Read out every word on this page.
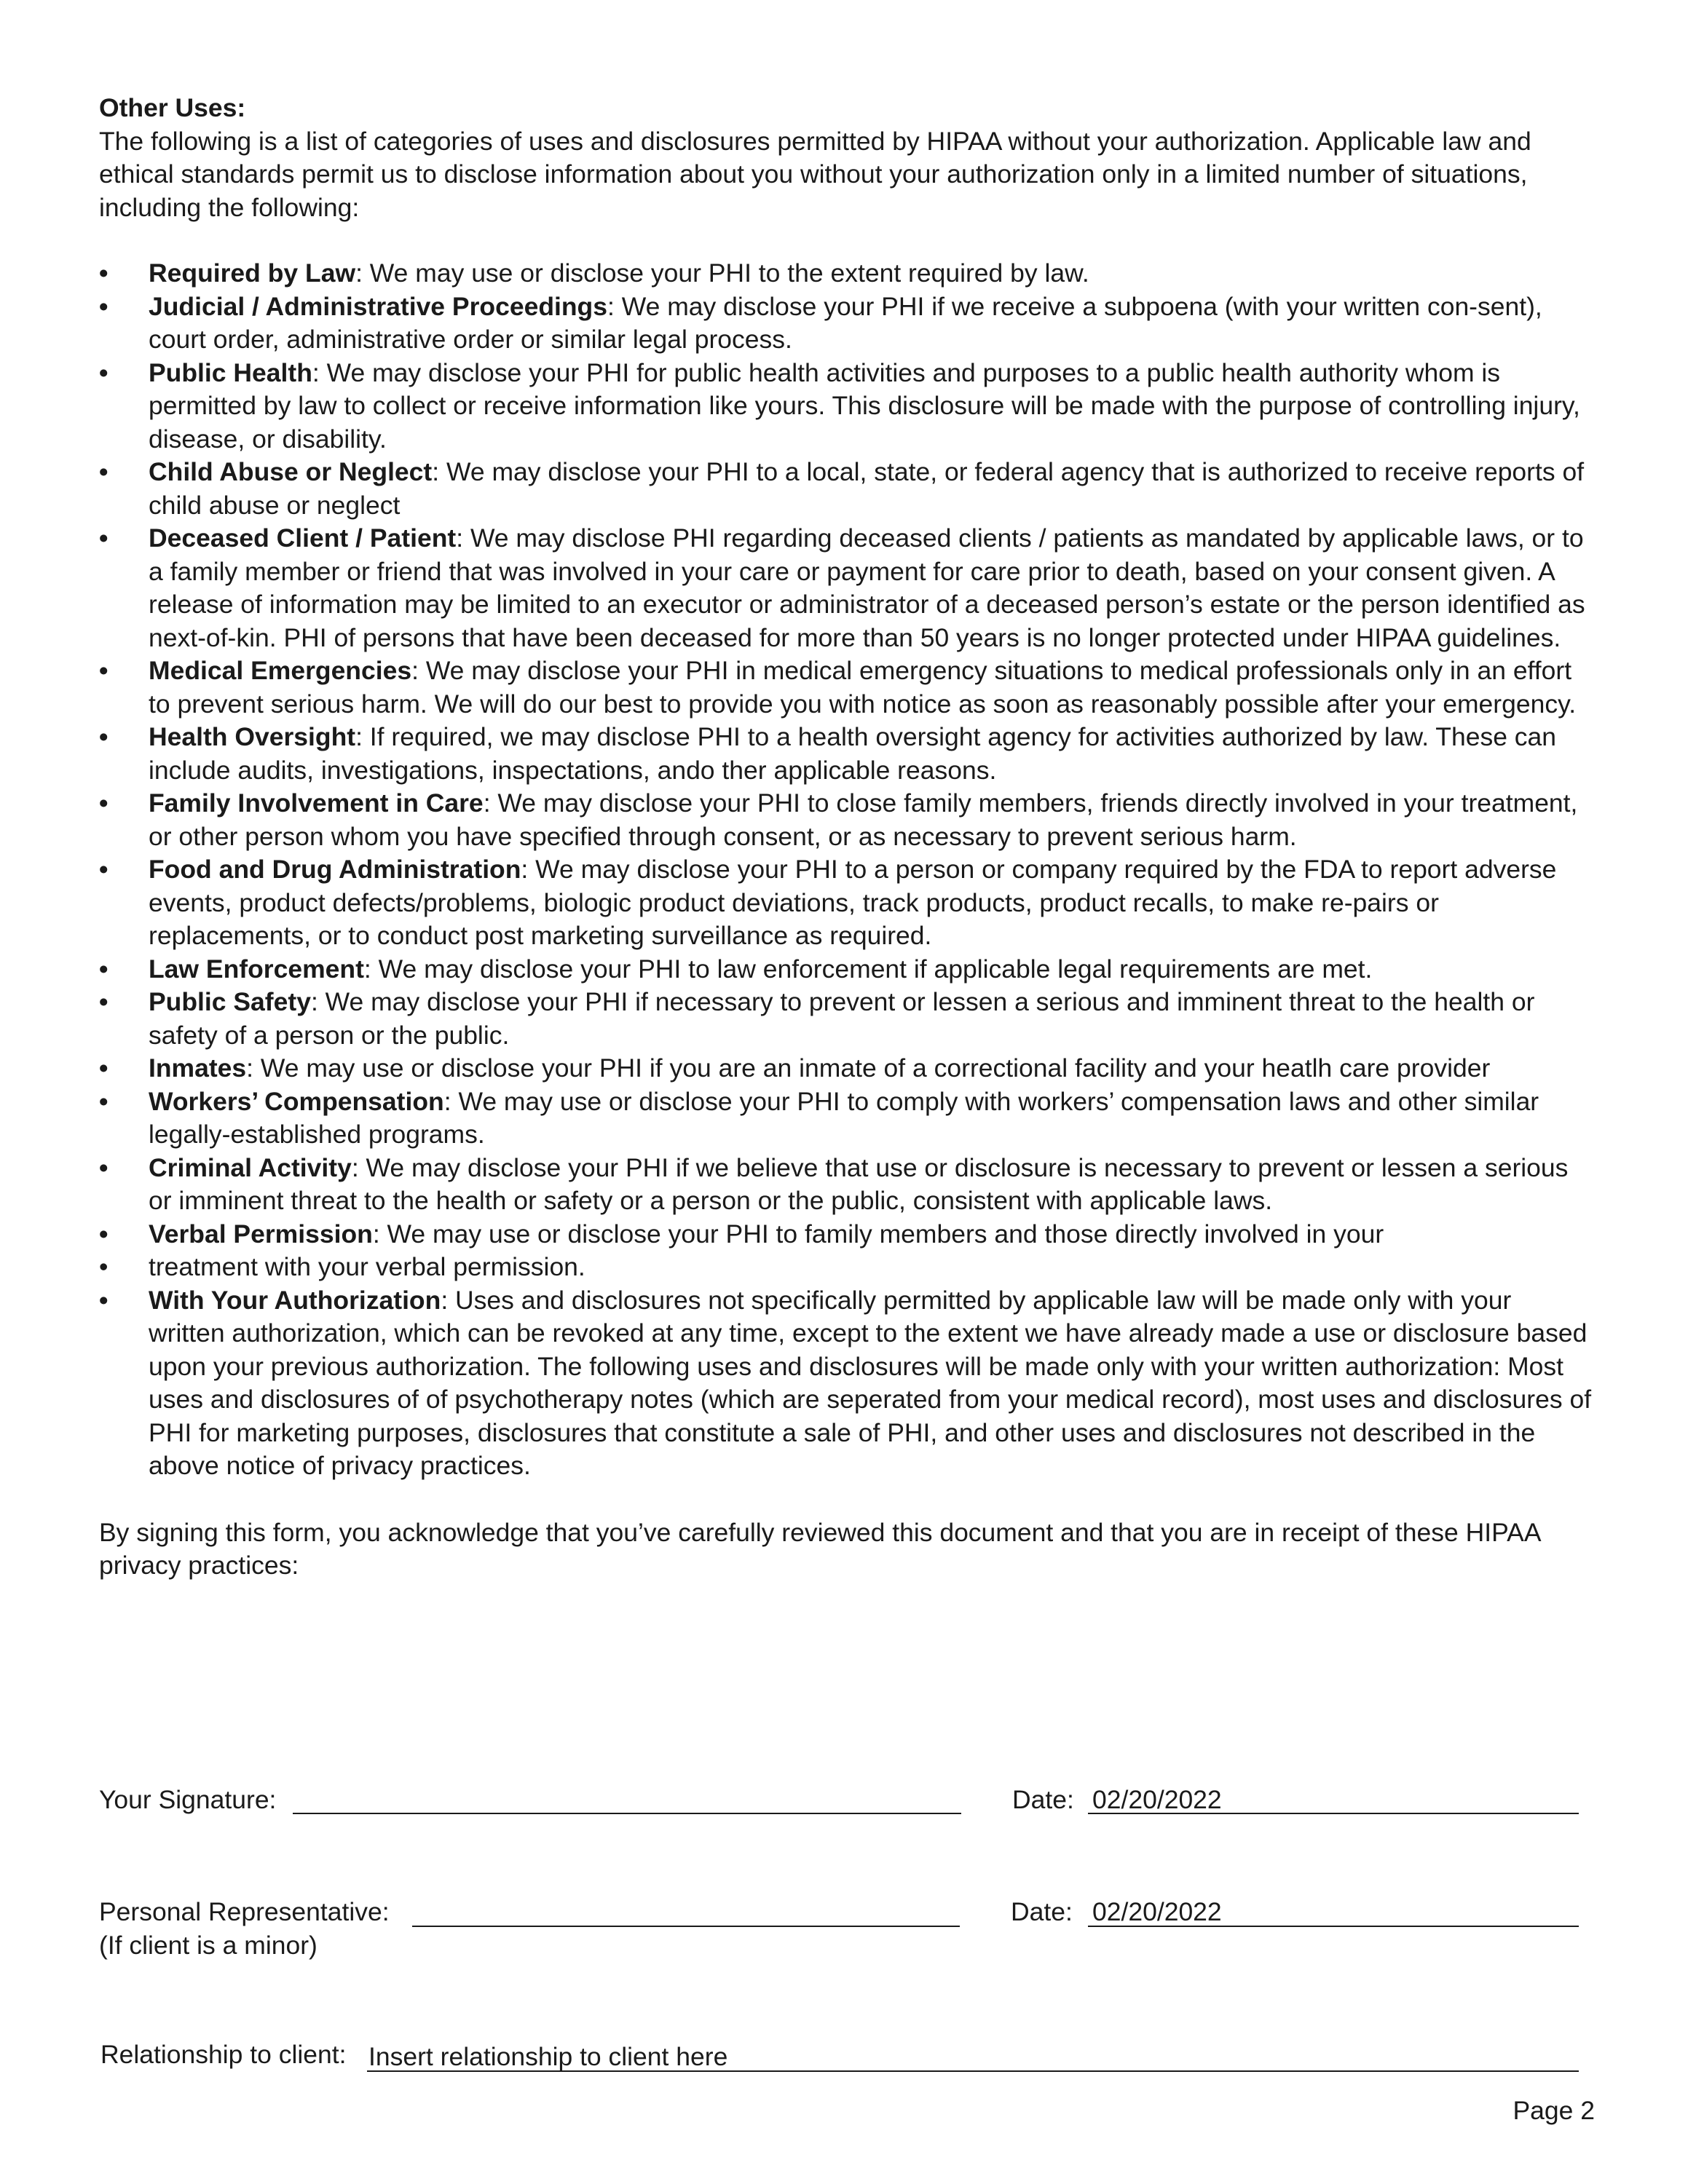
Other Uses:

The following is a list of categories of uses and disclosures permitted by HIPAA without your authorization. Applicable law and ethical standards permit us to disclose information about you without your authorization only in a limited number of situations, including the following:

•	Required by Law: We may use or disclose your PHI to the extent required by law.
•	Judicial / Administrative Proceedings: We may disclose your PHI if we receive a subpoena (with your written con-sent), court order, administrative order or similar legal process.
•	Public Health: We may disclose your PHI for public health activities and purposes to a public health authority whom is permitted by law to collect or receive information like yours. This disclosure will be made with the purpose of controlling injury, disease, or disability.
•	Child Abuse or Neglect: We may disclose your PHI to a local, state, or federal agency that is authorized to receive reports of child abuse or neglect
•	Deceased Client / Patient: We may disclose PHI regarding deceased clients / patients as mandated by applicable laws, or to a family member or friend that was involved in your care or payment for care prior to death, based on your consent given. A release of information may be limited to an executor or administrator of a deceased person’s estate or the person identified as next-of-kin. PHI of persons that have been deceased for more than 50 years is no longer protected under HIPAA guidelines.
•	Medical Emergencies: We may disclose your PHI in medical emergency situations to medical professionals only in an effort to prevent serious harm. We will do our best to provide you with notice as soon as reasonably possible after your emergency.
•	Health Oversight: If required, we may disclose PHI to a health oversight agency for activities authorized by law. These can include audits, investigations, inspectations, ando ther applicable reasons.
•	Family Involvement in Care: We may disclose your PHI to close family members, friends directly involved in your treatment, or other person whom you have specified through consent, or as necessary to prevent serious harm.
•	Food and Drug Administration: We may disclose your PHI to a person or company required by the FDA to report adverse events, product defects/problems, biologic product deviations, track products, product recalls, to make re-pairs or replacements, or to conduct post marketing surveillance as required.
•	Law Enforcement: We may disclose your PHI to law enforcement if applicable legal requirements are met.
•	Public Safety: We may disclose your PHI if necessary to prevent or lessen a serious and imminent threat to the health or safety of a person or the public.
•	Inmates: We may use or disclose your PHI if you are an inmate of a correctional facility and your heatlh care provider
•	Workers’ Compensation: We may use or disclose your PHI to comply with workers’ compensation laws and other similar legally-established programs.
•	Criminal Activity: We may disclose your PHI if we believe that use or disclosure is necessary to prevent or lessen a serious or imminent threat to the health or safety or a person or the public, consistent with applicable laws.
•	Verbal Permission: We may use or disclose your PHI to family members and those directly involved in your
•	treatment with your verbal permission.
•	With Your Authorization: Uses and disclosures not specifically permitted by applicable law will be made only with your written authorization, which can be revoked at any time, except to the extent we have already made a use or disclosure based upon your previous authorization. The following uses and disclosures will be made only with your written authorization: Most uses and disclosures of of psychotherapy notes (which are seperated from your medical record), most uses and disclosures of PHI for marketing purposes, disclosures that constitute a sale of PHI, and other uses and disclosures not described in the above notice of privacy practices.

By signing this form, you acknowledge that you’ve carefully reviewed this document and that you are in receipt of these HIPAA privacy practices:

Your Signature:	Date: 02/20/2022
Personal Representative:
(If client is a minor)
Date: 02/20/2022
Relationship to client: Insert relationship to client here
Page 2
